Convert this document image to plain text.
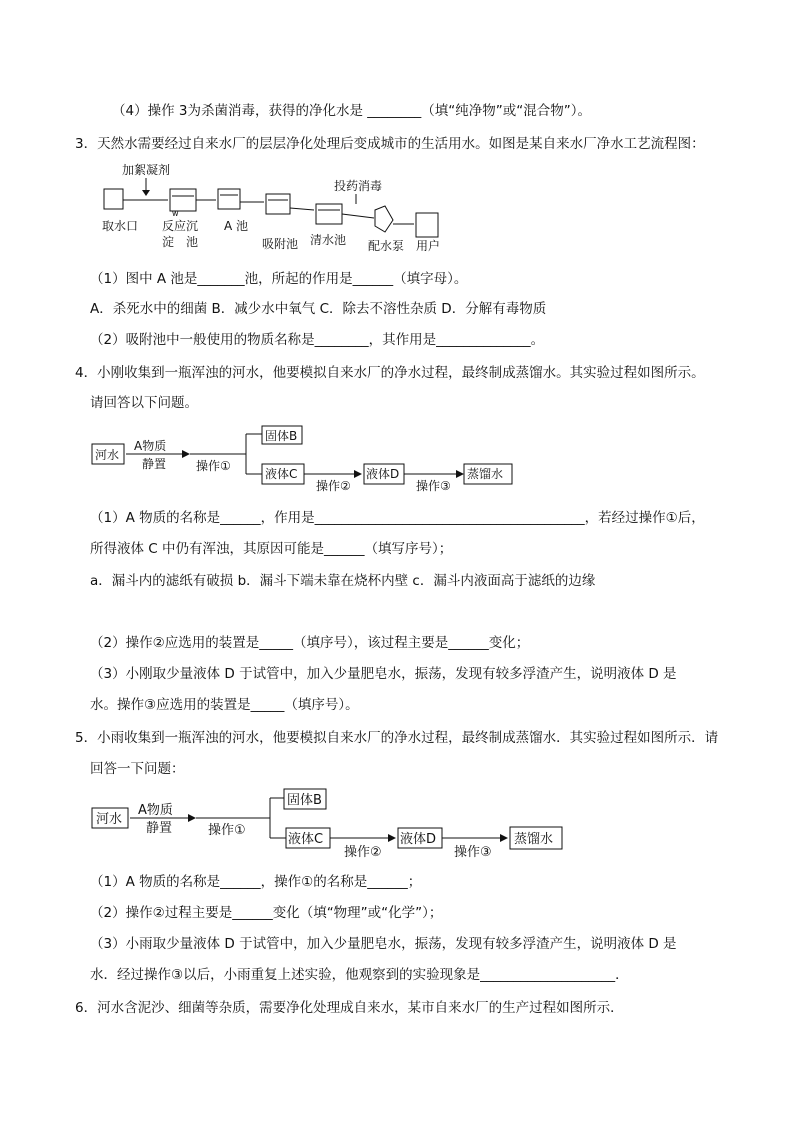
（4）操作 3为杀菌消毒，获得的净化水是 ________（填“纯净物”或“混合物”）。
3．天然水需要经过自来水厂的层层净化处理后变成城市的生活用水。如图是某自来水厂净水工艺流程图：
加絮凝剂
ᴡ
投药消毒
取水口 反应沉
淀　池
A 池
吸附池 清水池 配水泵 用户
（1）图中 A 池是_______池，所起的作用是______（填字母）。
A．杀死水中的细菌 B．减少水中氧气 C．除去不溶性杂质 D．分解有毒物质
（2）吸附池中一般使用的物质名称是________，其作用是______________。
4．小刚收集到一瓶浑浊的河水，他要模拟自来水厂的净水过程，最终制成蒸馏水。其实验过程如图所示。
请回答以下问题。
河水
A物质
静置 操作①
固体B
液体C
操作②
液体D
操作③
蒸馏水
（1）A 物质的名称是______，作用是________________________________________，若经过操作①后，
所得液体 C 中仍有浑浊，其原因可能是______（填写序号）；
a．漏斗内的滤纸有破损 b．漏斗下端未靠在烧杯内壁 c．漏斗内液面高于滤纸的边缘
（2）操作②应选用的装置是_____（填序号），该过程主要是______变化；
（3）小刚取少量液体 D 于试管中，加入少量肥皂水，振荡，发现有较多浮渣产生，说明液体 D 是
水。操作③应选用的装置是_____（填序号）。
5．小雨收集到一瓶浑浊的河水，他要模拟自来水厂的净水过程，最终制成蒸馏水．其实验过程如图所示．请
回答一下问题：
河水
A物质
静置	操作①
固体B
液体C
操作②
液体D
操作③
蒸馏水
（1）A 物质的名称是______，操作①的名称是______；
（2）操作②过程主要是______变化（填“物理”或“化学”）；
（3）小雨取少量液体 D 于试管中，加入少量肥皂水，振荡，发现有较多浮渣产生，说明液体 D 是
水．经过操作③以后，小雨重复上述实验，他观察到的实验现象是____________________．
6．河水含泥沙、细菌等杂质，需要净化处理成自来水，某市自来水厂的生产过程如图所示．
